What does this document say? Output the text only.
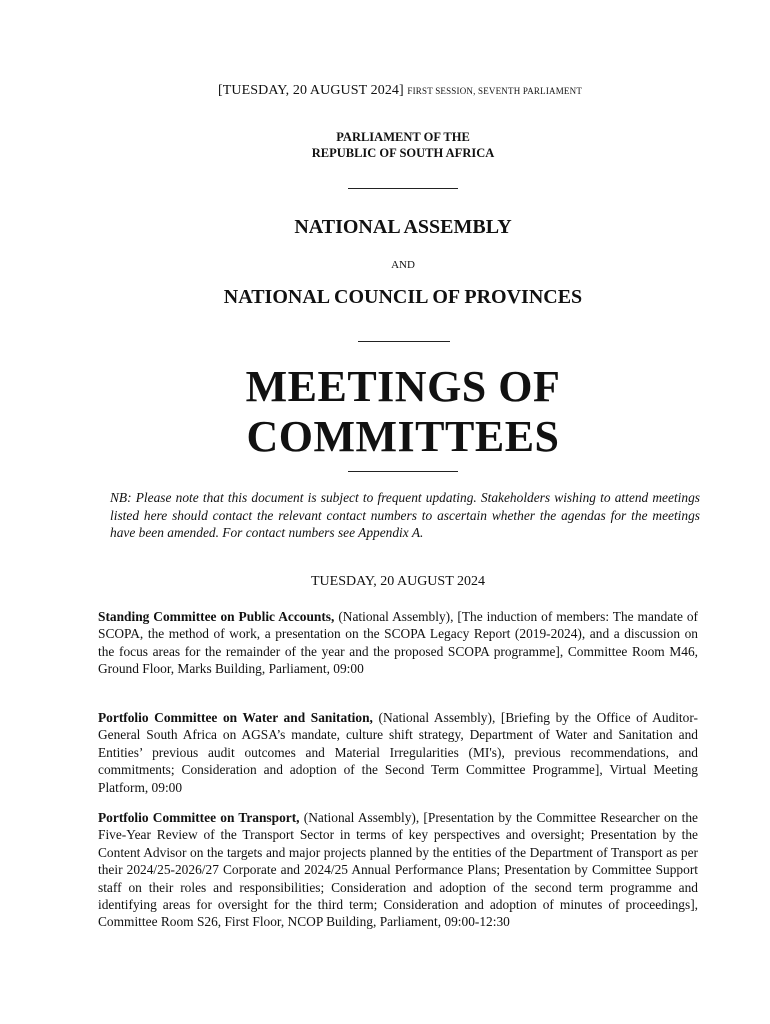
[TUESDAY, 20 AUGUST 2024] FIRST SESSION, SEVENTH PARLIAMENT
PARLIAMENT OF THE
REPUBLIC OF SOUTH AFRICA
NATIONAL ASSEMBLY
AND
NATIONAL COUNCIL OF PROVINCES
MEETINGS OF
COMMITTEES
NB: Please note that this document is subject to frequent updating. Stakeholders wishing to attend meetings listed here should contact the relevant contact numbers to ascertain whether the agendas for the meetings have been amended. For contact numbers see Appendix A.
TUESDAY, 20 AUGUST 2024
Standing Committee on Public Accounts, (National Assembly), [The induction of members: The mandate of SCOPA, the method of work, a presentation on the SCOPA Legacy Report (2019-2024), and a discussion on the focus areas for the remainder of the year and the proposed SCOPA programme], Committee Room M46, Ground Floor, Marks Building, Parliament, 09:00
Portfolio Committee on Water and Sanitation, (National Assembly), [Briefing by the Office of Auditor-General South Africa on AGSA’s mandate, culture shift strategy, Department of Water and Sanitation and Entities’ previous audit outcomes and Material Irregularities (MI's), previous recommendations, and commitments; Consideration and adoption of the Second Term Committee Programme], Virtual Meeting Platform, 09:00
Portfolio Committee on Transport, (National Assembly), [Presentation by the Committee Researcher on the Five-Year Review of the Transport Sector in terms of key perspectives and oversight; Presentation by the Content Advisor on the targets and major projects planned by the entities of the Department of Transport as per their 2024/25-2026/27 Corporate and 2024/25 Annual Performance Plans; Presentation by Committee Support staff on their roles and responsibilities; Consideration and adoption of the second term programme and identifying areas for oversight for the third term; Consideration and adoption of minutes of proceedings], Committee Room S26, First Floor, NCOP Building, Parliament, 09:00-12:30
